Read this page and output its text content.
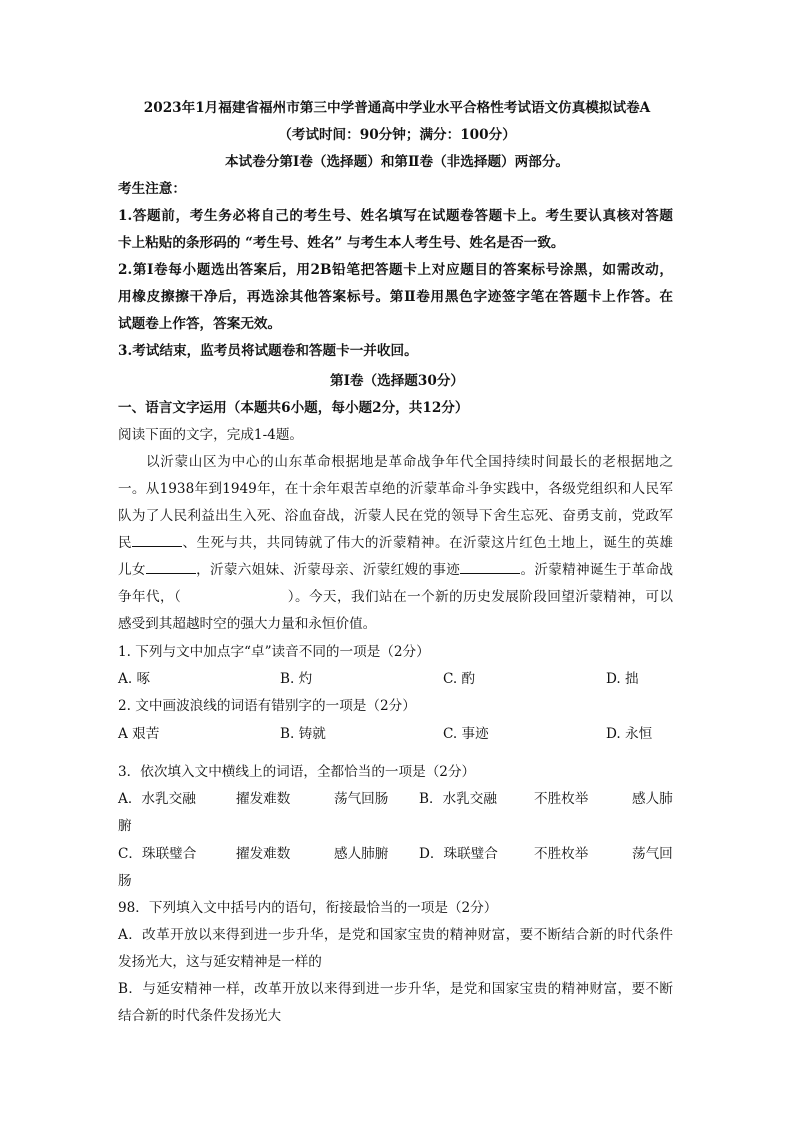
2023年1月福建省福州市第三中学普通高中学业水平合格性考试语文仿真模拟试卷A
（考试时间：90分钟；满分：100分）
本试卷分第Ⅰ卷（选择题）和第Ⅱ卷（非选择题）两部分。
考生注意：
1.答题前，考生务必将自己的考生号、姓名填写在试题卷答题卡上。考生要认真核对答题
卡上粘贴的条形码的 “考生号、姓名” 与考生本人考生号、姓名是否一致。
2.第Ⅰ卷每小题选出答案后，用2B铅笔把答题卡上对应题目的答案标号涂黑，如需改动，
用橡皮擦擦干净后，再选涂其他答案标号。第Ⅱ卷用黑色字迹签字笔在答题卡上作答。在
试题卷上作答，答案无效。
3.考试结束，监考员将试题卷和答题卡一并收回。
第Ⅰ卷（选择题30分）
一、语言文字运用（本题共6小题，每小题2分，共12分）
阅读下面的文字，完成1-4题。
以沂蒙山区为中心的山东革命根据地是革命战争年代全国持续时间最长的老根据地之
一。从1938年到1949年，在十余年艰苦卓绝的沂蒙革命斗争实践中，各级党组织和人民军
队为了人民利益出生入死、浴血奋战，沂蒙人民在党的领导下舍生忘死、奋勇支前，党政军
民	、生死与共，共同铸就了伟大的沂蒙精神。在沂蒙这片红色土地上，诞生的英雄
儿女	，沂蒙六姐妹、沂蒙母亲、沂蒙红嫂的事迹	。沂蒙精神诞生于革命战
争年代，（	）。今天，我们站在一个新的历史发展阶段回望沂蒙精神，可以
感受到其超越时空的强大力量和永恒价值。
1. 下列与文中加点字“卓”读音不同的一项是（2分）
A. 啄	B. 灼	C. 酌	D. 拙
2. 文中画波浪线的词语有错别字的一项是（2分）
A 艰苦	B. 铸就	C. 事迹	D. 永恒
3．依次填入文中横线上的词语，全都恰当的一项是（2分）
A．水乳交融	擢发难数	荡气回肠 B．水乳交融	不胜枚举	感人肺
腑
C．珠联璧合	擢发难数	感人肺腑 D．珠联璧合	不胜枚举	荡气回
肠
98．下列填入文中括号内的语句，衔接最恰当的一项是（2分）
A．改革开放以来得到进一步升华，是党和国家宝贵的精神财富，要不断结合新的时代条件
发扬光大，这与延安精神是一样的
B．与延安精神一样，改革开放以来得到进一步升华，是党和国家宝贵的精神财富，要不断
结合新的时代条件发扬光大
